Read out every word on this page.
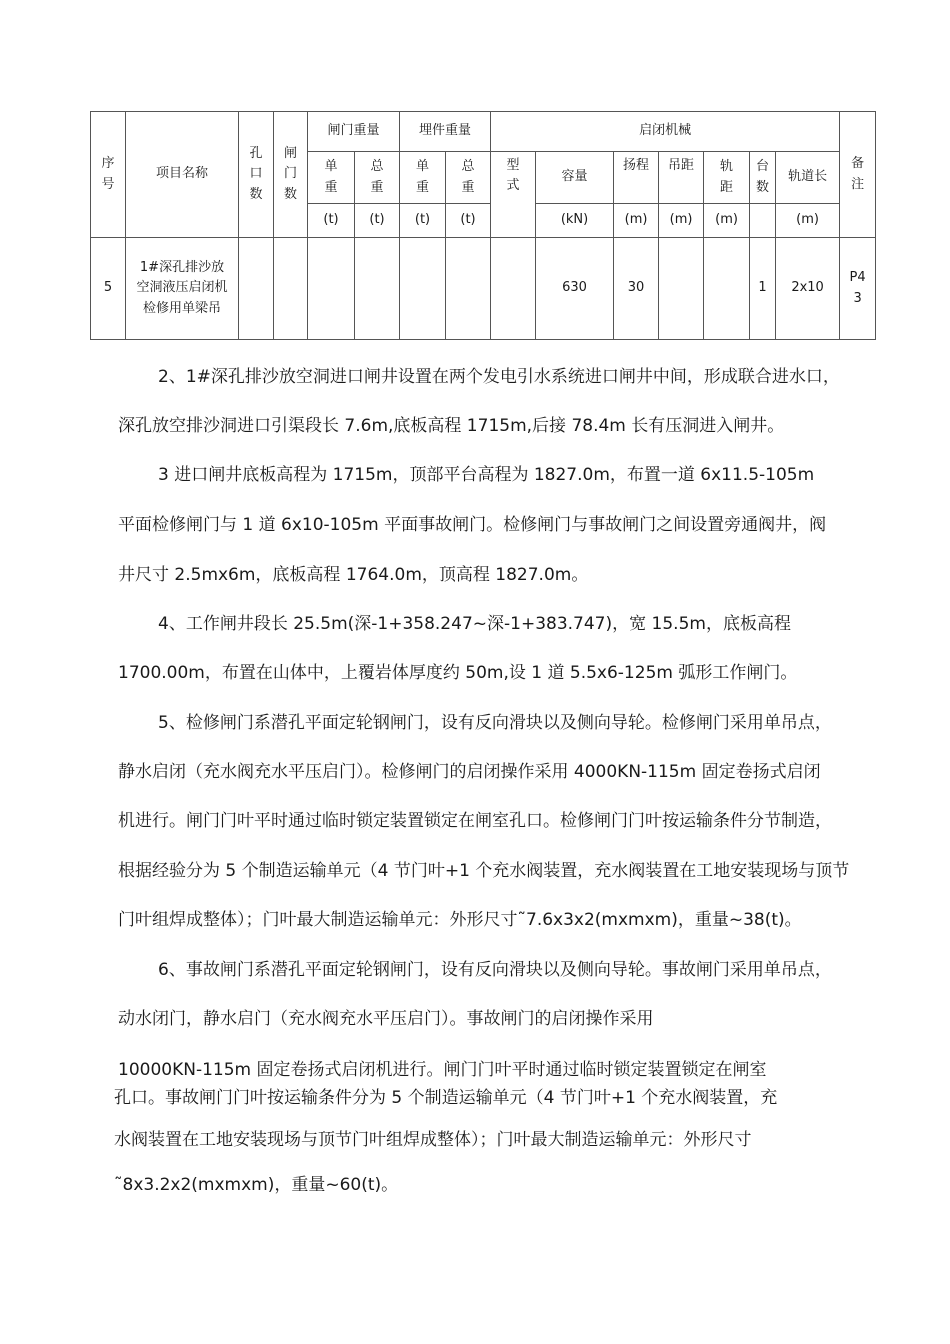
序号	项目名称	孔口数	闸门数	闸门重量		埋件重量		启闭机械							备注
				单重	总重	单重	总重	型式	容量	扬程	吊距	轨距	台数	轨道长	
				(t)	(t)	(t)	(t)		(kN)	(m)	(m)	(m)		(m)	
5	1#深孔排沙放
空洞液压启闭机
检修用单梁吊								630	30			1	2x10	P43
2、1#深孔排沙放空洞进口闸井设置在两个发电引水系统进口闸井中间，形成联合进水口，
深孔放空排沙洞进口引渠段长 7.6m,底板高程 1715m,后接 78.4m 长有压洞进入闸井。
3 进口闸井底板高程为 1715m，顶部平台高程为 1827.0m，布置一道 6x11.5-105m
平面检修闸门与 1 道 6x10-105m 平面事故闸门。检修闸门与事故闸门之间设置旁通阀井，阀
井尺寸 2.5mx6m，底板高程 1764.0m，顶高程 1827.0m。
4、工作闸井段长 25.5m(深-1+358.247~深-1+383.747)，宽 15.5m，底板高程
1700.00m，布置在山体中，上覆岩体厚度约 50m,设 1 道 5.5x6-125m 弧形工作闸门。
5、检修闸门系潜孔平面定轮钢闸门，设有反向滑块以及侧向导轮。检修闸门采用单吊点，
静水启闭（充水阀充水平压启门）。检修闸门的启闭操作采用 4000KN-115m 固定卷扬式启闭
机进行。闸门门叶平时通过临时锁定装置锁定在闸室孔口。检修闸门门叶按运输条件分节制造，
根据经验分为 5 个制造运输单元（4 节门叶+1 个充水阀装置，充水阀装置在工地安装现场与顶节
门叶组焊成整体）；门叶最大制造运输单元：外形尺寸˜7.6x3x2(mxmxm)，重量~38(t)。
6、事故闸门系潜孔平面定轮钢闸门，设有反向滑块以及侧向导轮。事故闸门采用单吊点，
动水闭门，静水启门（充水阀充水平压启门）。事故闸门的启闭操作采用
10000KN-115m 固定卷扬式启闭机进行。闸门门叶平时通过临时锁定装置锁定在闸室
孔口。事故闸门门叶按运输条件分为 5 个制造运输单元（4 节门叶+1 个充水阀装置，充
水阀装置在工地安装现场与顶节门叶组焊成整体）；门叶最大制造运输单元：外形尺寸
˜8x3.2x2(mxmxm)，重量~60(t)。
